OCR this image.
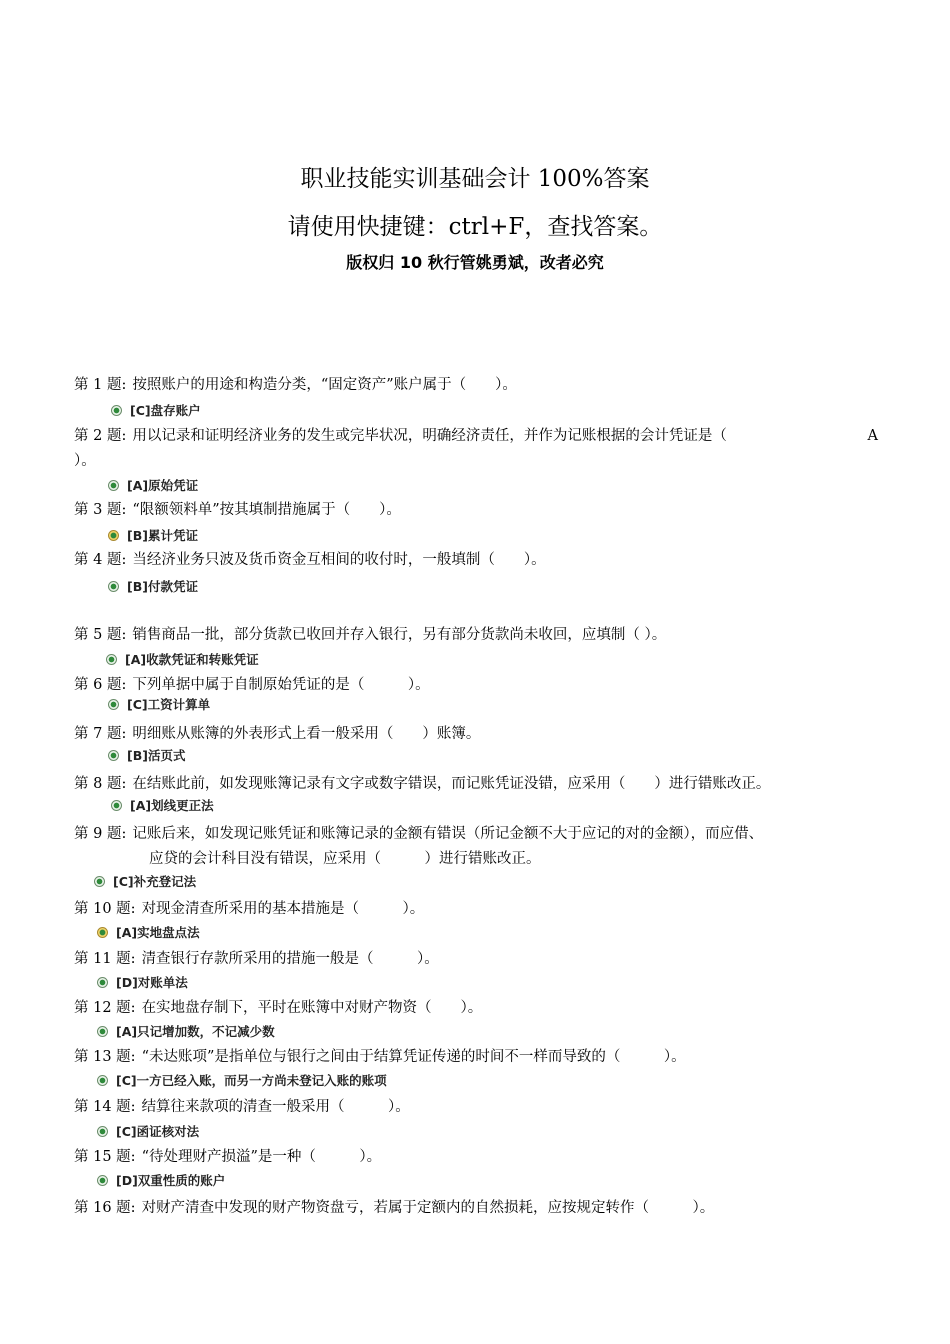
职业技能实训基础会计 100%答案
请使用快捷键：ctrl+F，查找答案。
版权归 10 秋行管姚勇斌，改者必究
第 1 题: 按照账户的用途和构造分类，“固定资产”账户属于（　　）。
[C]盘存账户
第 2 题: 用以记录和证明经济业务的发生或完毕状况，明确经济责任，并作为记账根据的会计凭证是（	A
）。
[A]原始凭证
第 3 题: “限额领料单”按其填制措施属于（　　）。
[B]累计凭证
第 4 题: 当经济业务只波及货币资金互相间的收付时，一般填制（　　）。
[B]付款凭证
第 5 题: 销售商品一批，部分货款已收回并存入银行，另有部分货款尚未收回，应填制（ ）。
[A]收款凭证和转账凭证
第 6 题: 下列单据中属于自制原始凭证的是（　　　）。
[C]工资计算单
第 7 题: 明细账从账簿的外表形式上看一般采用（　　）账簿。
[B]活页式
第 8 题: 在结账此前，如发现账簿记录有文字或数字错误，而记账凭证没错，应采用（　　）进行错账改正。
[A]划线更正法
第 9 题: 记账后来，如发现记账凭证和账簿记录的金额有错误（所记金额不大于应记的对的金额），而应借、
应贷的会计科目没有错误，应采用（　　　）进行错账改正。
[C]补充登记法
第 10 题: 对现金清查所采用的基本措施是（　　　）。
[A]实地盘点法
第 11 题: 清查银行存款所采用的措施一般是（　　　）。
[D]对账单法
第 12 题: 在实地盘存制下，平时在账簿中对财产物资（　　）。
[A]只记增加数，不记减少数
第 13 题: “未达账项”是指单位与银行之间由于结算凭证传递的时间不一样而导致的（　　　）。
[C]一方已经入账，而另一方尚未登记入账的账项
第 14 题: 结算往来款项的清查一般采用（　　　）。
[C]函证核对法
第 15 题: “待处理财产损溢”是一种（　　　）。
[D]双重性质的账户
第 16 题: 对财产清查中发现的财产物资盘亏，若属于定额内的自然损耗，应按规定转作（　　　）。
